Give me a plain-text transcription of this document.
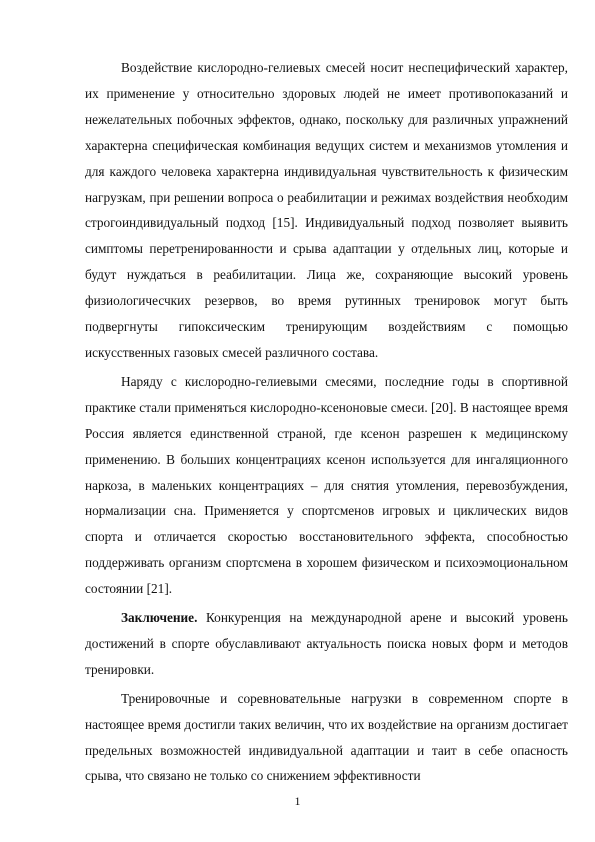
Воздействие кислородно-гелиевых смесей носит неспецифический характер, их применение у относительно здоровых людей не имеет противопоказаний и нежелательных побочных эффектов, однако, поскольку для различных упражнений характерна специфическая комбинация ведущих систем и механизмов утомления и для каждого человека характерна индивидуальная чувствительность к физическим нагрузкам, при решении вопроса о реабилитации и режимах воздействия необходим строгоиндивидуальный подход [15]. Индивидуальный подход позволяет выявить симптомы перетренированности и срыва адаптации у отдельных лиц, которые и будут нуждаться в реабилитации. Лица же, сохраняющие высокий уровень физиологичесчких резервов, во время рутинных тренировок могут быть подвергнуты гипоксическим тренирующим воздействиям с помощью искусственных газовых смесей различного состава.

Наряду с кислородно-гелиевыми смесями, последние годы в спортивной практике стали применяться кислородно-ксеноновые смеси. [20]. В настоящее время Россия является единственной страной, где ксенон разрешен к медицинскому применению. В больших концентрациях ксенон используется для ингаляционного наркоза, в маленьких концентрациях – для снятия утомления, перевозбуждения, нормализации сна. Применяется у спортсменов игровых и циклических видов спорта и отличается скоростью восстановительного эффекта, способностью поддерживать организм спортсмена в хорошем физическом и психоэмоциональном состоянии [21].

Заключение. Конкуренция на международной арене и высокий уровень достижений в спорте обуславливают актуальность поиска новых форм и методов тренировки.

Тренировочные и соревновательные нагрузки в современном спорте в настоящее время достигли таких величин, что их воздействие на организм достигает предельных возможностей индивидуальной адаптации и таит в себе опасность срыва, что связано не только со снижением эффективности

1
